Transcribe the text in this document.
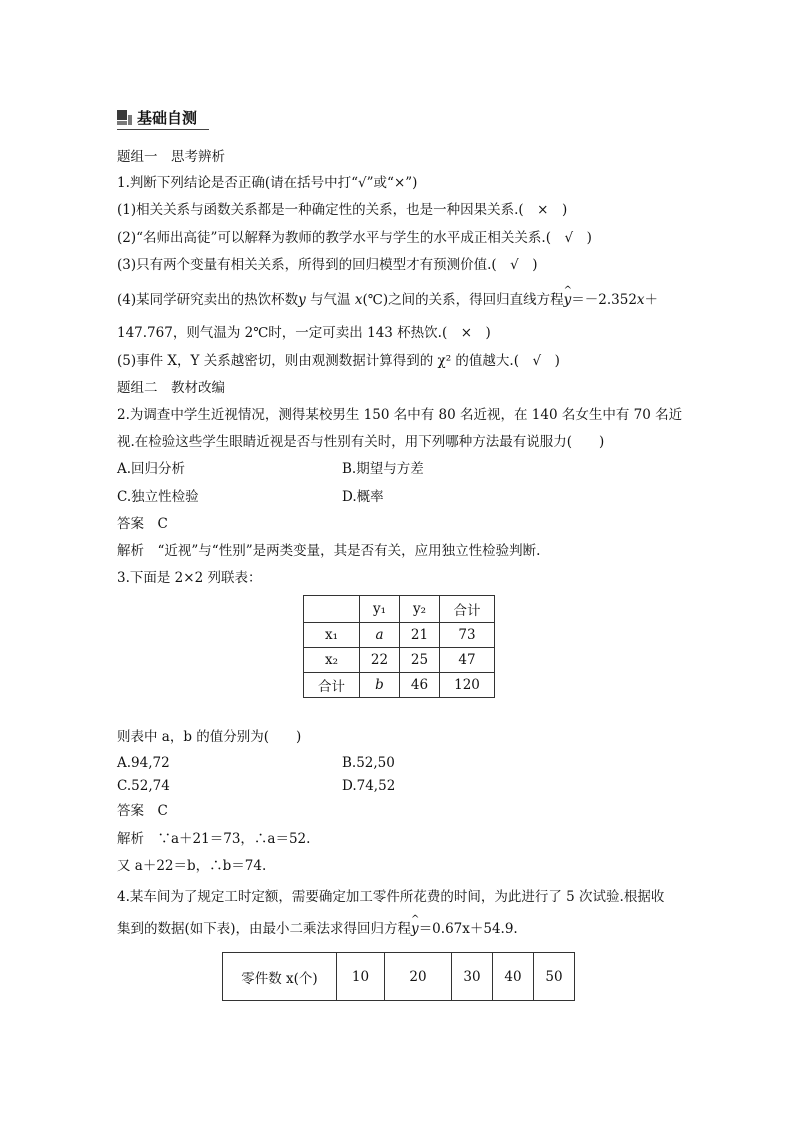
基础自测
题组一　思考辨析
1.判断下列结论是否正确(请在括号中打“√”或“×”)
(1)相关关系与函数关系都是一种确定性的关系，也是一种因果关系.(　×　)
(2)“名师出高徒”可以解释为教师的教学水平与学生的水平成正相关关系.(　√　)
(3)只有两个变量有相关关系，所得到的回归模型才有预测价值.(　√　)
(4)某同学研究卖出的热饮杯数y 与气温 x(℃)之间的关系，得回归直线方程^ y＝－2.352x＋
147.767，则气温为 2℃时，一定可卖出 143 杯热饮.(　×　)
(5)事件 X，Y 关系越密切，则由观测数据计算得到的 χ² 的值越大.(　√　)
题组二　教材改编
2.为调查中学生近视情况，测得某校男生 150 名中有 80 名近视，在 140 名女生中有 70 名近
视.在检验这些学生眼睛近视是否与性别有关时，用下列哪种方法最有说服力(　　)
A.回归分析	B.期望与方差
C.独立性检验	D.概率
答案　C
解析　“近视”与“性别”是两类变量，其是否有关，应用独立性检验判断.
3.下面是 2×2 列联表：
	y₁	y₂	合计
x₁	a	21	73
x₂	22	25	47
合计	b	46	120
则表中 a，b 的值分别为(　　)
A.94,72	B.52,50
C.52,74	D.74,52
答案　C
解析　∵a＋21＝73，∴a＝52.
又 a＋22＝b，∴b＝74.
4.某车间为了规定工时定额，需要确定加工零件所花费的时间，为此进行了 5 次试验.根据收
集到的数据(如下表)，由最小二乘法求得回归方程^ y＝0.67x＋54.9.
零件数 x(个)	10	20	30	40	50
